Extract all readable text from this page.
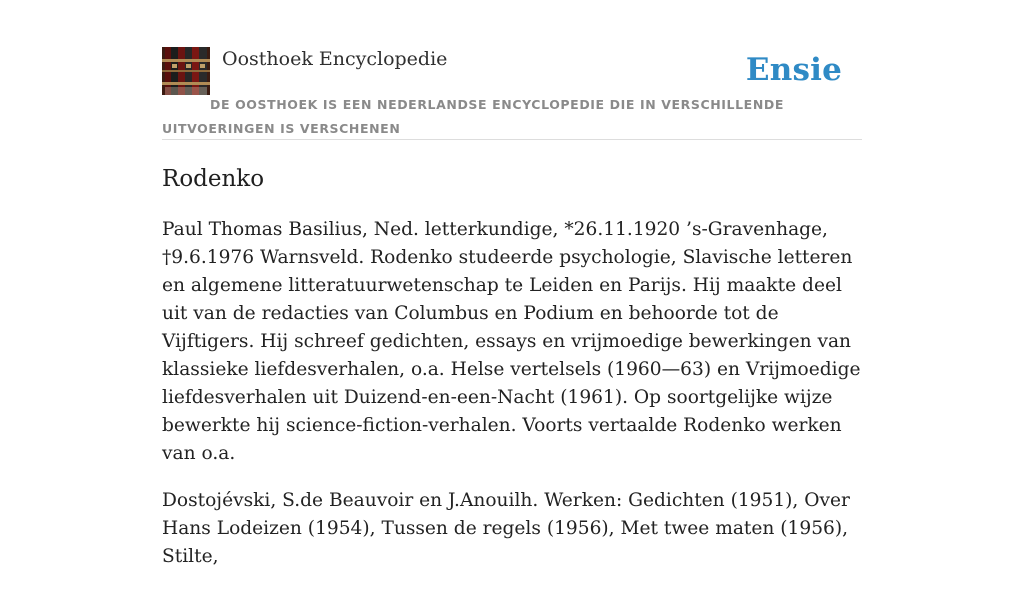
Oosthoek Encyclopedie	Ensie
DE OOSTHOEK IS EEN NEDERLANDSE ENCYCLOPEDIE DIE IN VERSCHILLENDE UITVOERINGEN IS VERSCHENEN
Rodenko

Paul Thomas Basilius, Ned. letterkundige, *26.11.1920 ’s-Gravenhage, †9.6.1976 Warnsveld. Rodenko studeerde psychologie, Slavische letteren en algemene litteratuurwetenschap te Leiden en Parijs. Hij maakte deel uit van de redacties van Columbus en Podium en behoorde tot de Vijftigers. Hij schreef gedichten, essays en vrijmoedige bewerkingen van klassieke liefdesverhalen, o.a. Helse vertelsels (1960—63) en Vrijmoedige liefdesverhalen uit Duizend-en-een-Nacht (1961). Op soortgelijke wijze bewerkte hij science-fiction-verhalen. Voorts vertaalde Rodenko werken van o.a.

Dostojévski, S.de Beauvoir en J.Anouilh. Werken: Gedichten (1951), Over Hans Lodeizen (1954), Tussen de regels (1956), Met twee maten (1956), Stilte,
